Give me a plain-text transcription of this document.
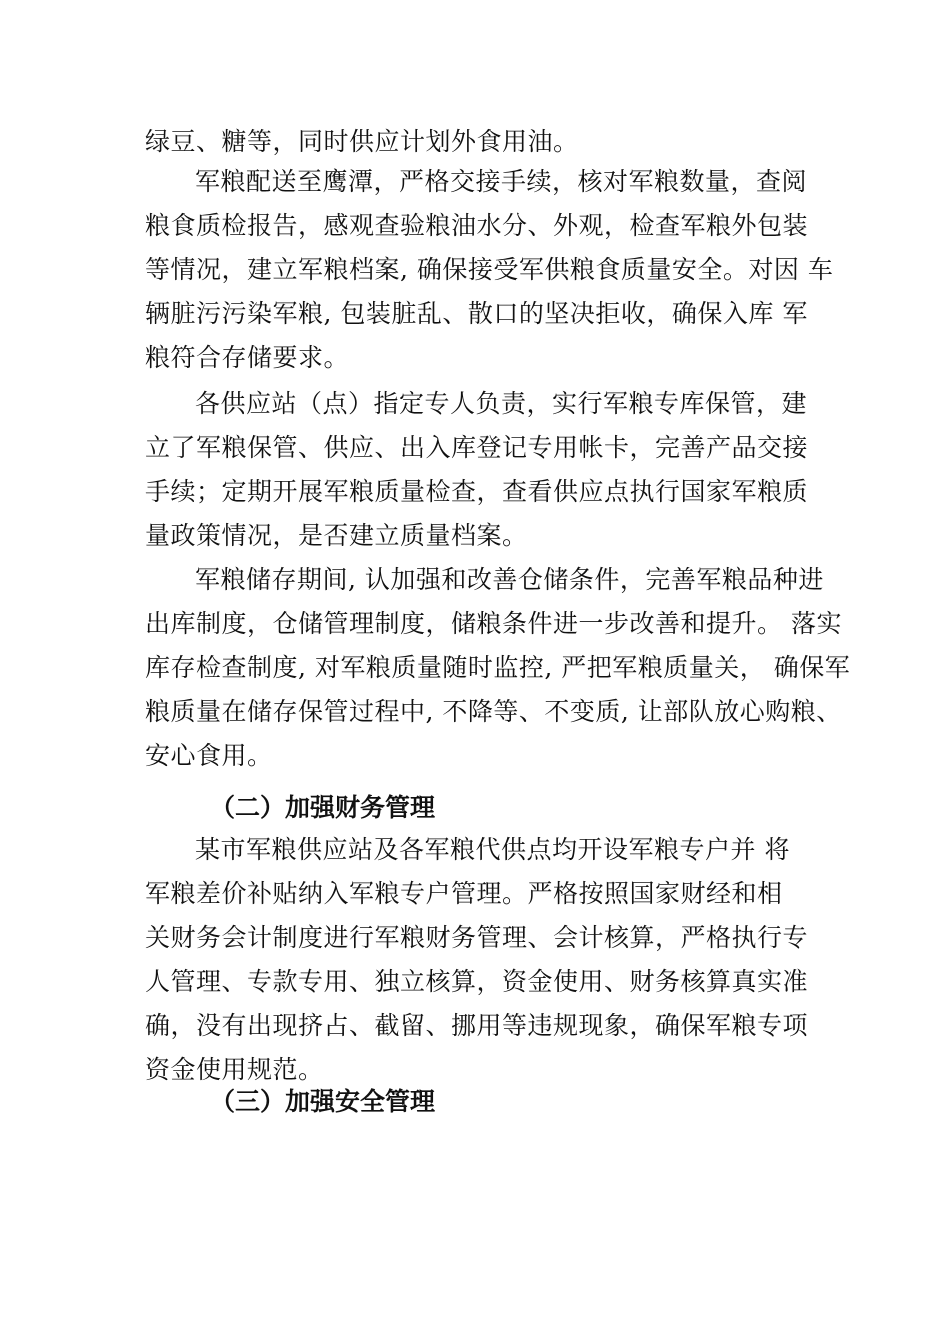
绿豆、糖等，同时供应计划外食用油。
军粮配送至鹰潭，严格交接手续，核对军粮数量，查阅
粮食质检报告，感观查验粮油水分、外观，检查军粮外包装
等情况，建立军粮档案, 确保接受军供粮食质量安全。对因 车
辆脏污污染军粮, 包装脏乱、散口的坚决拒收，确保入库 军
粮符合存储要求。
各供应站（点）指定专人负责，实行军粮专库保管，建
立了军粮保管、供应、出入库登记专用帐卡，完善产品交接
手续；定期开展军粮质量检查，查看供应点执行国家军粮质
量政策情况，是否建立质量档案。
军粮储存期间, 认加强和改善仓储条件，完善军粮品种进
出库制度，仓储管理制度，储粮条件进一步改善和提升。 落实
库存检查制度, 对军粮质量随时监控, 严把军粮质量关， 确保军
粮质量在储存保管过程中, 不降等、不变质, 让部队放心购粮、
安心食用。
（二）加强财务管理
某市军粮供应站及各军粮代供点均开设军粮专户并 将
军粮差价补贴纳入军粮专户管理。严格按照国家财经和相
关财务会计制度进行军粮财务管理、会计核算，严格执行专
人管理、专款专用、独立核算，资金使用、财务核算真实准
确，没有出现挤占、截留、挪用等违规现象，确保军粮专项
资金使用规范。
（三）加强安全管理
